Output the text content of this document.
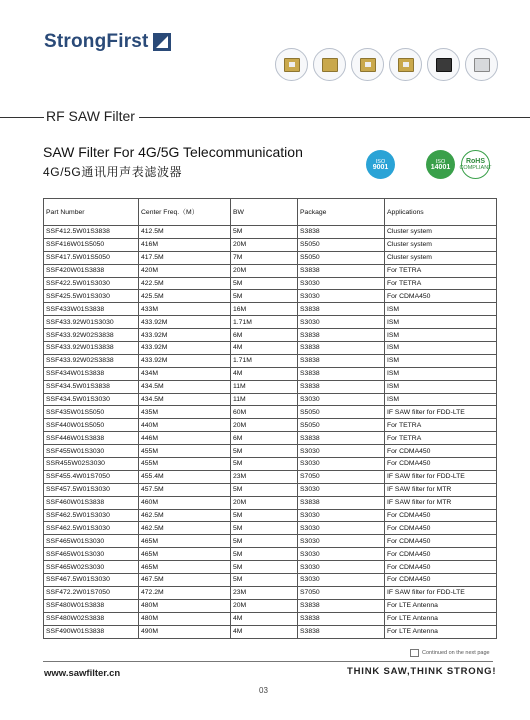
StrongFirst
RF SAW Filter
SAW Filter For 4G/5G Telecommunication
4G/5G通讯用声表滤波器
ISO
9001
ISO
14001
RoHS
COMPLIANT
Part Number	Center Freq.（M）	BW	Package	Applications
SSF412.5W01S3838	412.5M	5M	S3838	Cluster system
SSF416W01S5050	416M	20M	S5050	Cluster system
SSF417.5W01S5050	417.5M	7M	S5050	Cluster system
SSF420W01S3838	420M	20M	S3838	For TETRA
SSF422.5W01S3030	422.5M	5M	S3030	For TETRA
SSF425.5W01S3030	425.5M	5M	S3030	For CDMA450
SSF433W01S3838	433M	16M	S3838	ISM
SSF433.92W01S3030	433.92M	1.71M	S3030	ISM
SSF433.92W02S3838	433.92M	6M	S3838	ISM
SSF433.92W01S3838	433.92M	4M	S3838	ISM
SSF433.92W02S3838	433.92M	1.71M	S3838	ISM
SSF434W01S3838	434M	4M	S3838	ISM
SSF434.5W01S3838	434.5M	11M	S3838	ISM
SSF434.5W01S3030	434.5M	11M	S3030	ISM
SSF435W01S5050	435M	60M	S5050	IF SAW filter for FDD-LTE
SSF440W01S5050	440M	20M	S5050	For TETRA
SSF446W01S3838	446M	6M	S3838	For TETRA
SSF455W01S3030	455M	5M	S3030	For CDMA450
SSR455W02S3030	455M	5M	S3030	For CDMA450
SSF455.4W01S7050	455.4M	23M	S7050	IF SAW filter for FDD-LTE
SSF457.5W01S3030	457.5M	5M	S3030	IF SAW filter for MTR
SSF460W01S3838	460M	20M	S3838	IF SAW filter for MTR
SSF462.5W01S3030	462.5M	5M	S3030	For CDMA450
SSF462.5W01S3030	462.5M	5M	S3030	For CDMA450
SSF465W01S3030	465M	5M	S3030	For CDMA450
SSF465W01S3030	465M	5M	S3030	For CDMA450
SSF465W02S3030	465M	5M	S3030	For CDMA450
SSF467.5W01S3030	467.5M	5M	S3030	For CDMA450
SSF472.2W01S7050	472.2M	23M	S7050	IF SAW filter for FDD-LTE
SSF480W01S3838	480M	20M	S3838	For LTE Antenna
SSF480W02S3838	480M	4M	S3838	For LTE Antenna
SSF490W01S3838	490M	4M	S3838	For LTE Antenna
Continued on the next page
www.sawfilter.cn	THINK SAW,THINK STRONG!
03
